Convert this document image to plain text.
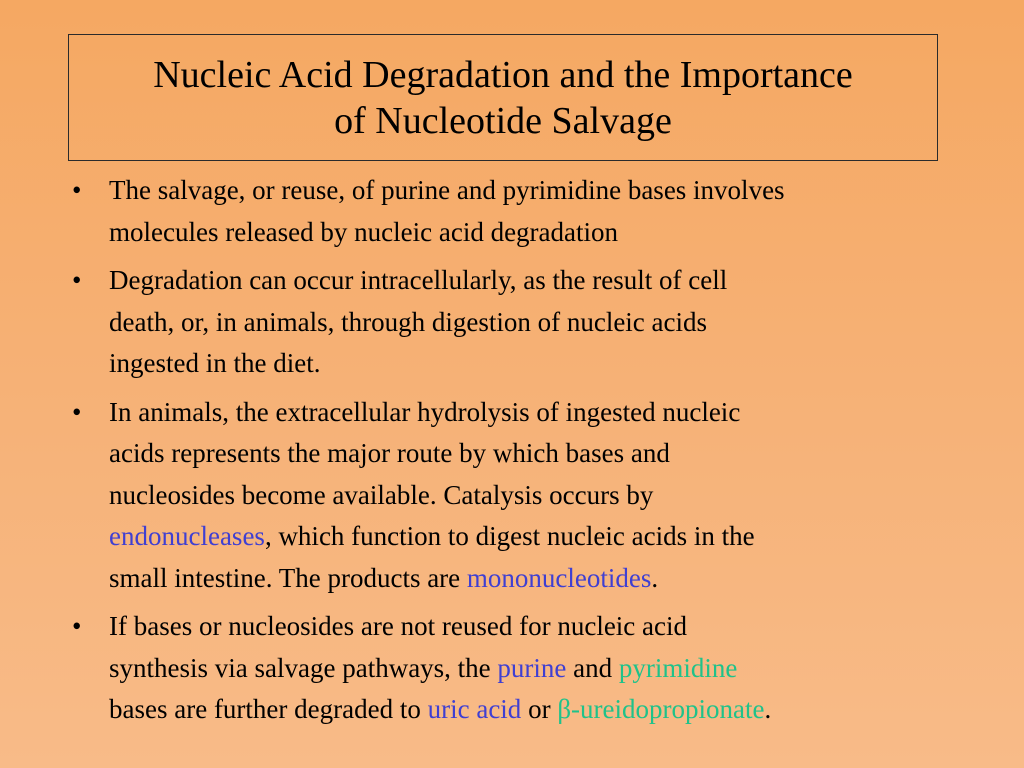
Nucleic Acid Degradation and the Importance
of Nucleotide Salvage
• The salvage, or reuse, of purine and pyrimidine bases involves
molecules released by nucleic acid degradation
• Degradation can occur intracellularly, as the result of cell
death, or, in animals, through digestion of nucleic acids
ingested in the diet.
• In animals, the extracellular hydrolysis of ingested nucleic
acids represents the major route by which bases and
nucleosides become available. Catalysis occurs by
endonucleases, which function to digest nucleic acids in the
small intestine. The products are mononucleotides.
• If bases or nucleosides are not reused for nucleic acid
synthesis via salvage pathways, the purine and pyrimidine
bases are further degraded to uric acid or β-ureidopropionate.
